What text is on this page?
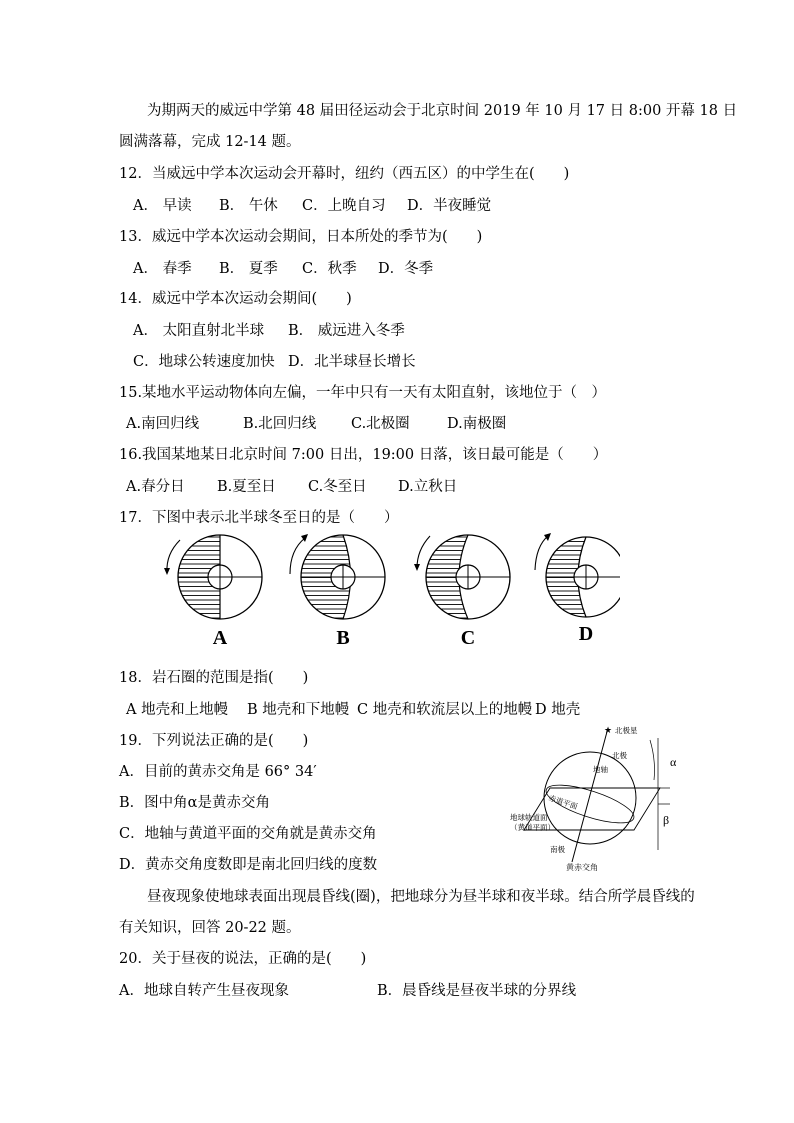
为期两天的威远中学第 48 届田径运动会于北京时间 2019 年 10 月 17 日 8:00 开幕 18 日
圆满落幕，完成 12-14 题。
12．当威远中学本次运动会开幕时，纽约（西五区）的中学生在(　　)
A． 早读 B． 午休 C．上晚自习 D．半夜睡觉
13．威远中学本次运动会期间，日本所处的季节为(　　)
A． 春季 B． 夏季 C．秋季 D．冬季
14．威远中学本次运动会期间(　　)
A． 太阳直射北半球 B． 威远进入冬季
C．地球公转速度加快 D．北半球昼长增长
15.某地水平运动物体向左偏，一年中只有一天有太阳直射，该地位于（　）
A.南回归线	B.北回归线 C.北极圈	D.南极圈
16.我国某地某日北京时间 7:00 日出，19:00 日落，该日最可能是（　　）
A.春分日 B.夏至日 C.冬至日 D.立秋日
17．下图中表示北半球冬至日的是（　　）
A	B	C	D
18．岩石圈的范围是指(　　)
A 地壳和上地幔 B 地壳和下地幔 C 地壳和软流层以上的地幔 D 地壳
19．下列说法正确的是(　　)
A．目前的黄赤交角是 66° 34′
B．图中角α是黄赤交角
C．地轴与黄道平面的交角就是黄赤交角
D．黄赤交角度数即是南北回归线的度数
★ 北极星
北极
地轴
赤道平面
地球轨道面
（黄道平面）
南极
α
β
黄赤交角
昼夜现象使地球表面出现晨昏线(圈)，把地球分为昼半球和夜半球。结合所学晨昏线的
有关知识，回答 20-22 题。
20．关于昼夜的说法，正确的是(　　)
A．地球自转产生昼夜现象	B．晨昏线是昼夜半球的分界线
